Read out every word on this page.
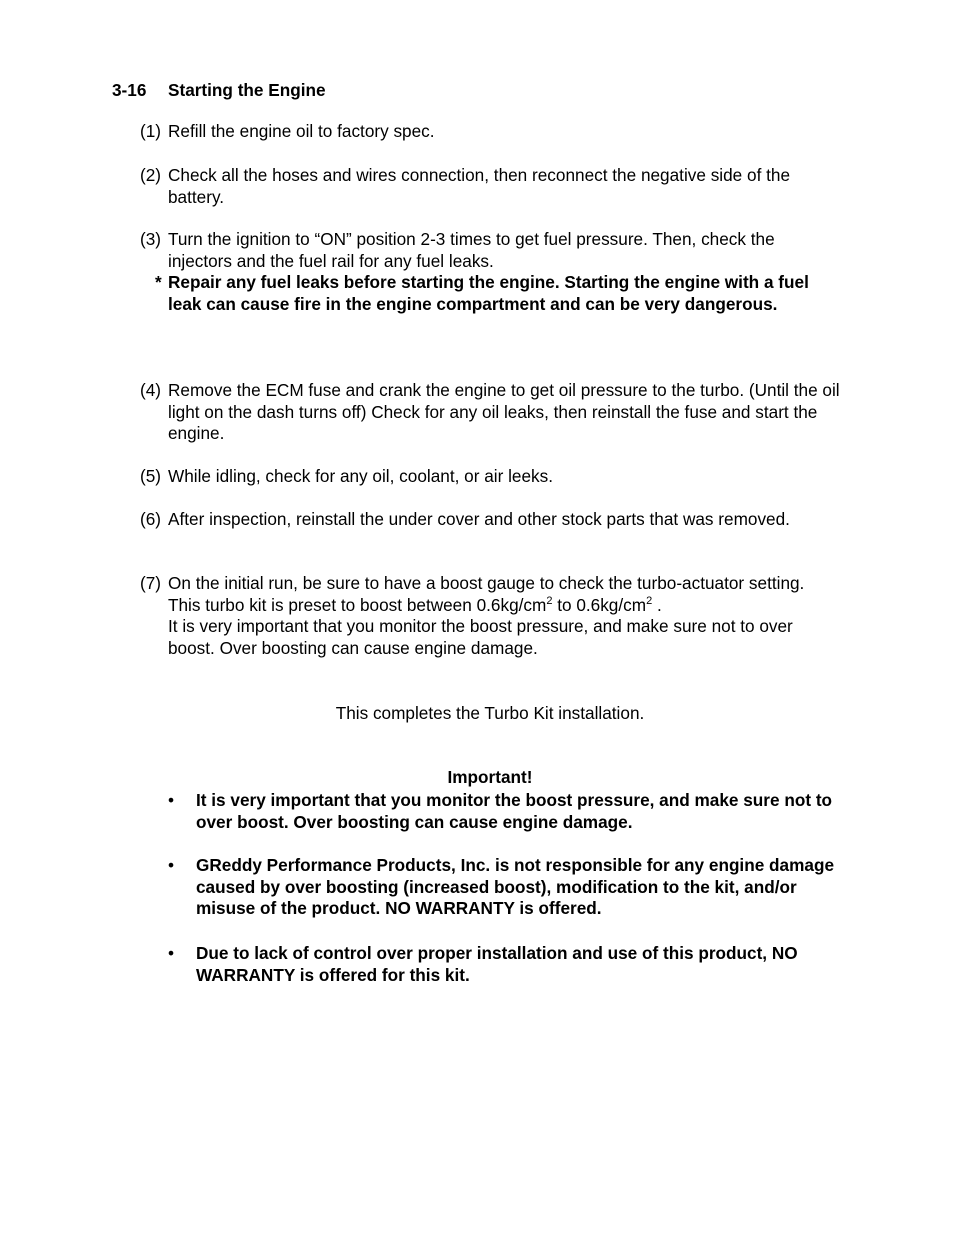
3-16 Starting the Engine
(1) Refill the engine oil to factory spec.
(2) Check all the hoses and wires connection, then reconnect the negative side of the battery.
(3) Turn the ignition to “ON” position 2-3 times to get fuel pressure. Then, check the injectors and the fuel rail for any fuel leaks.
* Repair any fuel leaks before starting the engine. Starting the engine with a fuel leak can cause fire in the engine compartment and can be very dangerous.
(4) Remove the ECM fuse and crank the engine to get oil pressure to the turbo. (Until the oil light on the dash turns off) Check for any oil leaks, then reinstall the fuse and start the engine.
(5) While idling, check for any oil, coolant, or air leeks.
(6) After inspection, reinstall the under cover and other stock parts that was removed.
(7) On the initial run, be sure to have a boost gauge to check the turbo-actuator setting. This turbo kit is preset to boost between $0.6kg/cm^2$ to $0.6kg/cm^2$ .
It is very important that you monitor the boost pressure, and make sure not to over boost. Over boosting can cause engine damage.
This completes the Turbo Kit installation.
Important!
• It is very important that you monitor the boost pressure, and make sure not to over boost. Over boosting can cause engine damage.
• GReddy Performance Products, Inc. is not responsible for any engine damage caused by over boosting (increased boost), modification to the kit, and/or misuse of the product. NO WARRANTY is offered.
• Due to lack of control over proper installation and use of this product, NO WARRANTY is offered for this kit.
